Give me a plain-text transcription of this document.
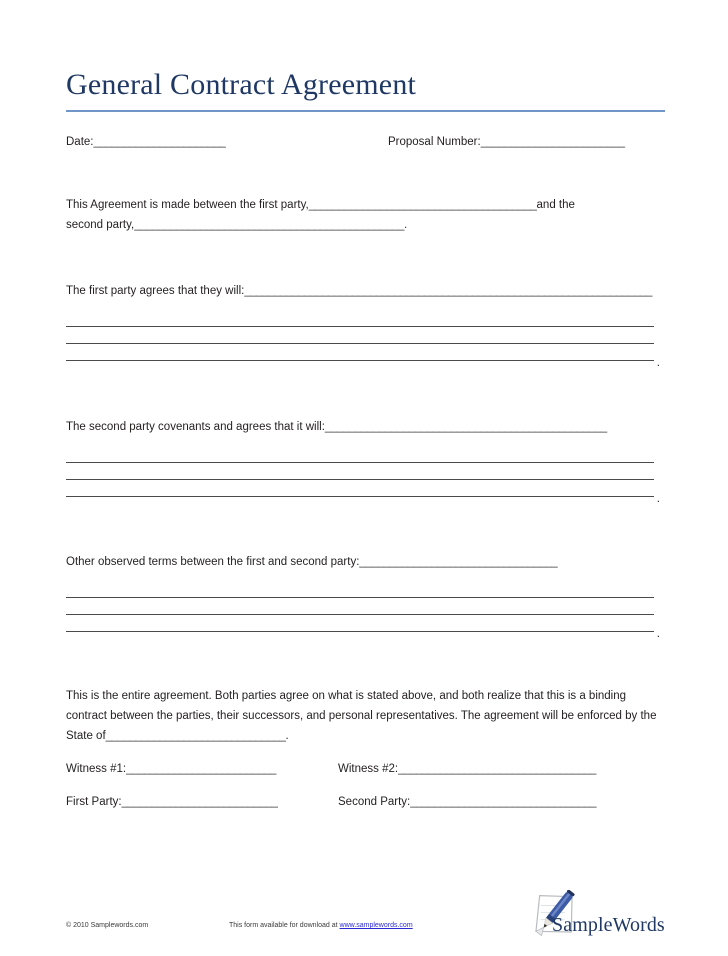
General Contract Agreement
Date:______________________	Proposal Number:________________________
This Agreement is made between the first party,______________________________________and the
second party,_____________________________________________.
The first party agrees that they will:____________________________________________________________________
.
The second party covenants and agrees that it will:_______________________________________________
.
Other observed terms between the first and second party:_________________________________
.
This is the entire agreement. Both parties agree on what is stated above, and both realize that this is a binding contract between the parties, their successors, and personal representatives. The agreement will be enforced by the State of______________________________.
Witness #1:_________________________	Witness #2:_________________________________
First Party:__________________________	Second Party:_______________________________
© 2010 Samplewords.com	This form available for download at www.samplewords.com	SampleWords
